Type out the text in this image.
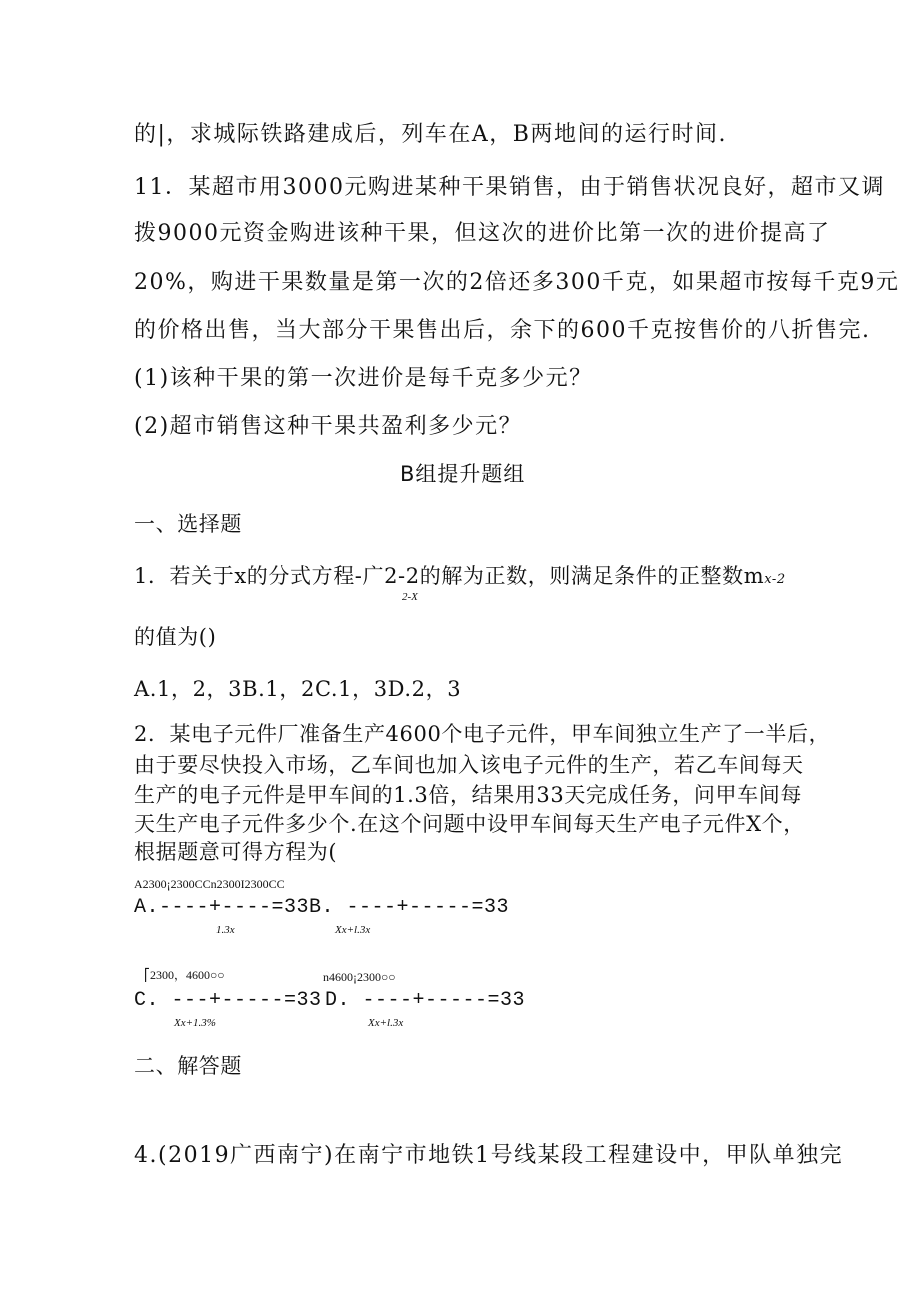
的|，求城际铁路建成后，列车在A，B两地间的运行时间.
11．某超市用3000元购进某种干果销售，由于销售状况良好，超市又调
拨9000元资金购进该种干果，但这次的进价比第一次的进价提高了
20%，购进干果数量是第一次的2倍还多300千克，如果超市按每千克9元
的价格出售，当大部分干果售出后，余下的600千克按售价的八折售完.
(1)该种干果的第一次进价是每千克多少元？
(2)超市销售这种干果共盈利多少元？
B组提升题组
一、选择题
1．若关于x的分式方程-广2-2的解为正数，则满足条件的正整数mx-2
2-X
的值为()
A.1，2，3B.1，2C.1，3D.2，3
2．某电子元件厂准备生产4600个电子元件，甲车间独立生产了一半后，
由于要尽快投入市场，乙车间也加入该电子元件的生产，若乙车间每天
生产的电子元件是甲车间的1.3倍，结果用33天完成任务，问甲车间每
天生产电子元件多少个.在这个问题中设甲车间每天生产电子元件X个，
根据题意可得方程为(
A2300¡2300CCn2300I2300CC
A.----+----=33B. ----+-----=33
1.3x	Xx+l.3x
⎡2300，4600○○	n4600¡2300○○
C. ---+-----=33 D. ----+-----=33
Xx+1.3%	Xx+l.3x
二、解答题
4.(2019广西南宁)在南宁市地铁1号线某段工程建设中，甲队单独完
